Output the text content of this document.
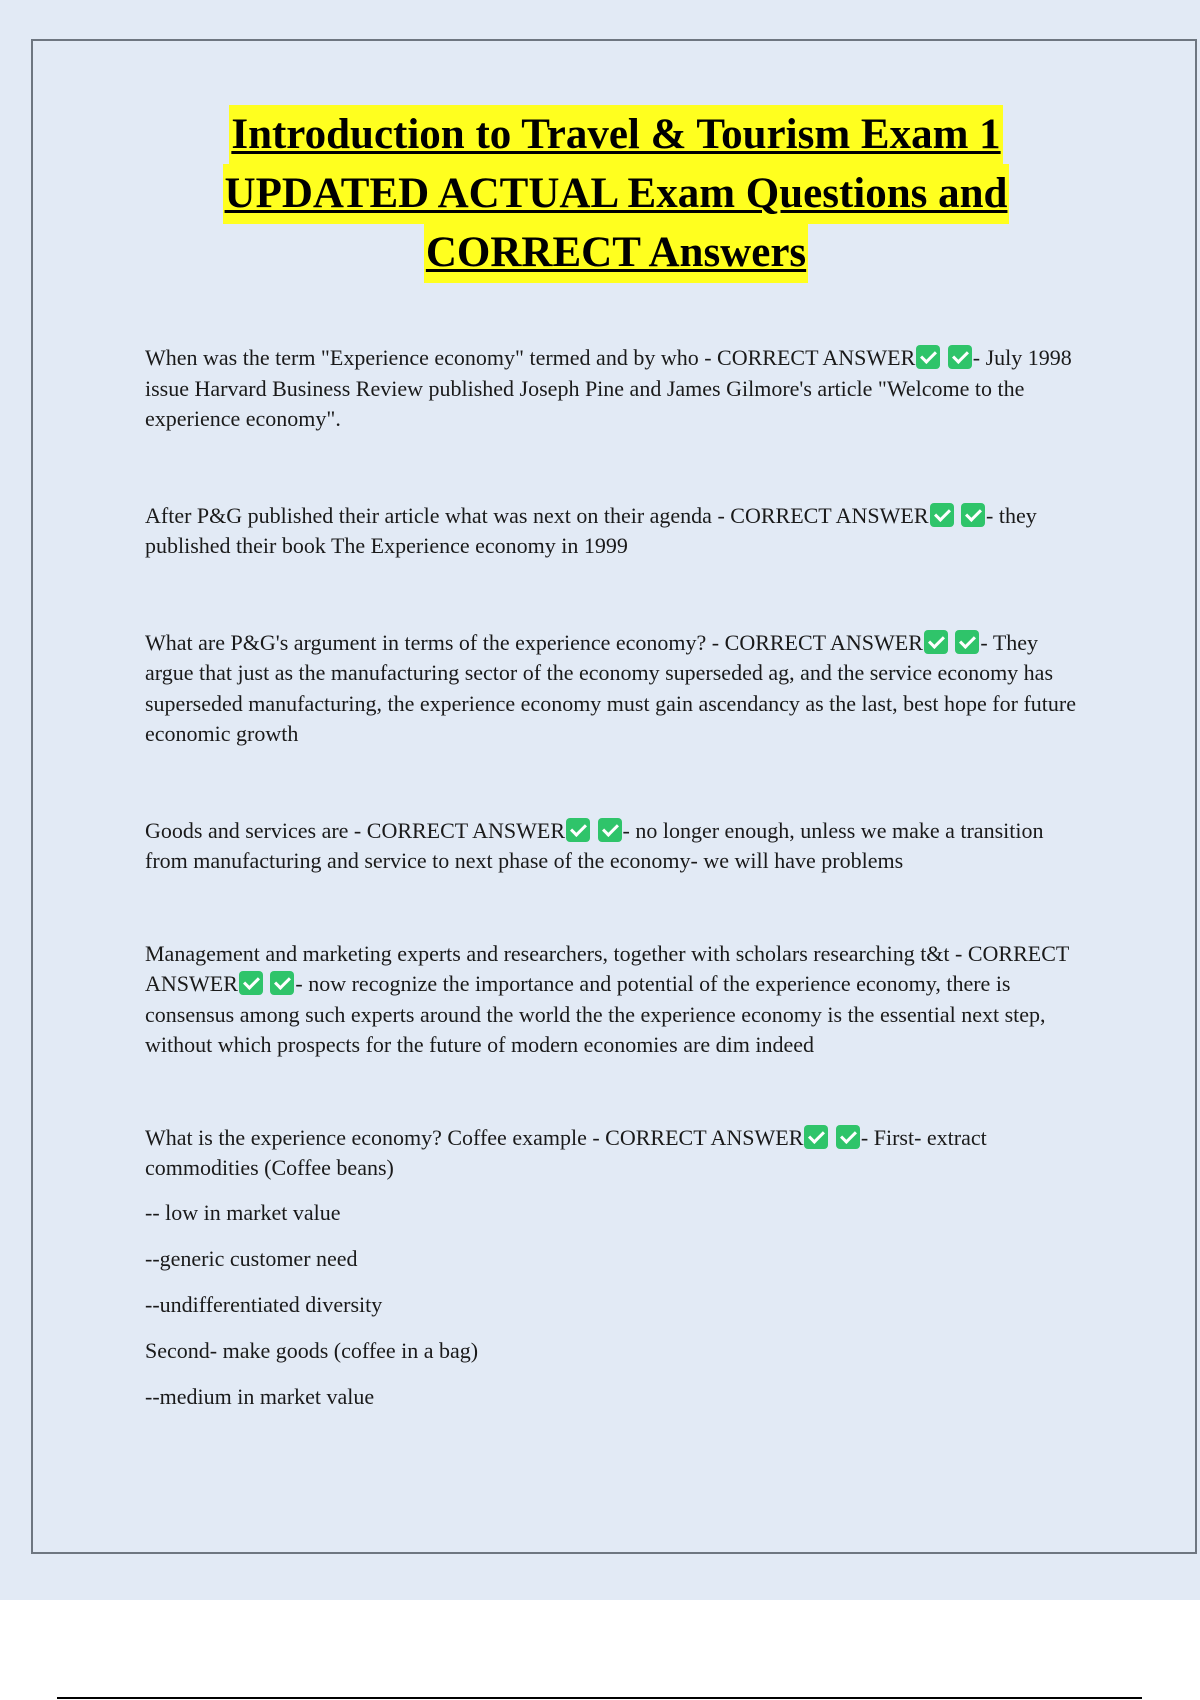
Introduction to Travel & Tourism Exam 1
UPDATED ACTUAL Exam Questions and
CORRECT Answers

When was the term "Experience economy" termed and by who - CORRECT ANSWER	- July 1998 issue Harvard Business Review published Joseph Pine and James Gilmore's article "Welcome to the experience economy".

After P&G published their article what was next on their agenda - CORRECT ANSWER	- they published their book The Experience economy in 1999

What are P&G's argument in terms of the experience economy? - CORRECT ANSWER	- They argue that just as the manufacturing sector of the economy superseded ag, and the service economy has superseded manufacturing, the experience economy must gain ascendancy as the last, best hope for future economic growth

Goods and services are - CORRECT ANSWER	- no longer enough, unless we make a transition from manufacturing and service to next phase of the economy- we will have problems

Management and marketing experts and researchers, together with scholars researching t&t - CORRECT ANSWER	- now recognize the importance and potential of the experience economy, there is consensus among such experts around the world the the experience economy is the essential next step, without which prospects for the future of modern economies are dim indeed

What is the experience economy? Coffee example - CORRECT ANSWER	- First- extract commodities (Coffee beans)

-- low in market value

--generic customer need

--undifferentiated diversity

Second- make goods (coffee in a bag)

--medium in market value
